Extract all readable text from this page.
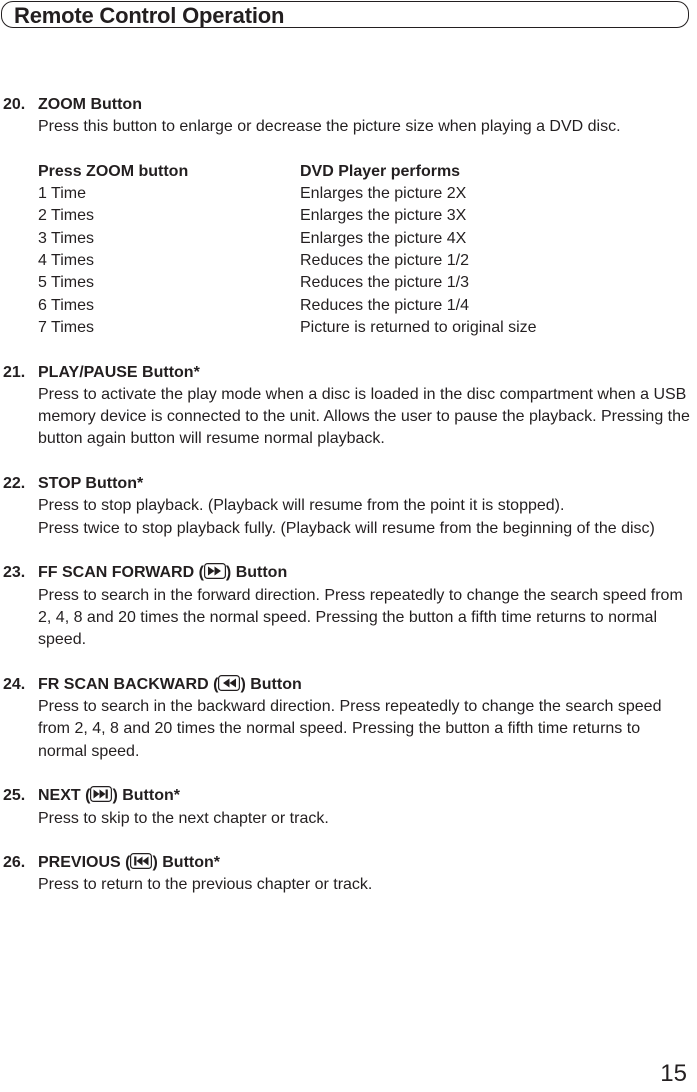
Remote Control Operation
20. ZOOM Button
Press this button to enlarge or decrease the picture size when playing a DVD disc.
Press ZOOM button	DVD Player performs
1 Time	Enlarges the picture 2X
2 Times	Enlarges the picture 3X
3 Times	Enlarges the picture 4X
4 Times	Reduces the picture 1/2
5 Times	Reduces the picture 1/3
6 Times	Reduces the picture 1/4
7 Times	Picture is returned to original size
21. PLAY/PAUSE Button*
Press to activate the play mode when a disc is loaded in the disc compartment when a USB memory device is connected to the unit. Allows the user to pause the playback. Pressing the button again button will resume normal playback.
22. STOP Button*
Press to stop playback. (Playback will resume from the point it is stopped).
Press twice to stop playback fully. (Playback will resume from the beginning of the disc)
23. FF SCAN FORWARD ( ) Button
Press to search in the forward direction. Press repeatedly to change the search speed from 2, 4, 8 and 20 times the normal speed. Pressing the button a fifth time returns to normal speed.
24. FR SCAN BACKWARD ( ) Button
Press to search in the backward direction. Press repeatedly to change the search speed from 2, 4, 8 and 20 times the normal speed. Pressing the button a fifth time returns to normal speed.
25. NEXT ( ) Button*
Press to skip to the next chapter or track.
26. PREVIOUS ( ) Button*
Press to return to the previous chapter or track.
15
